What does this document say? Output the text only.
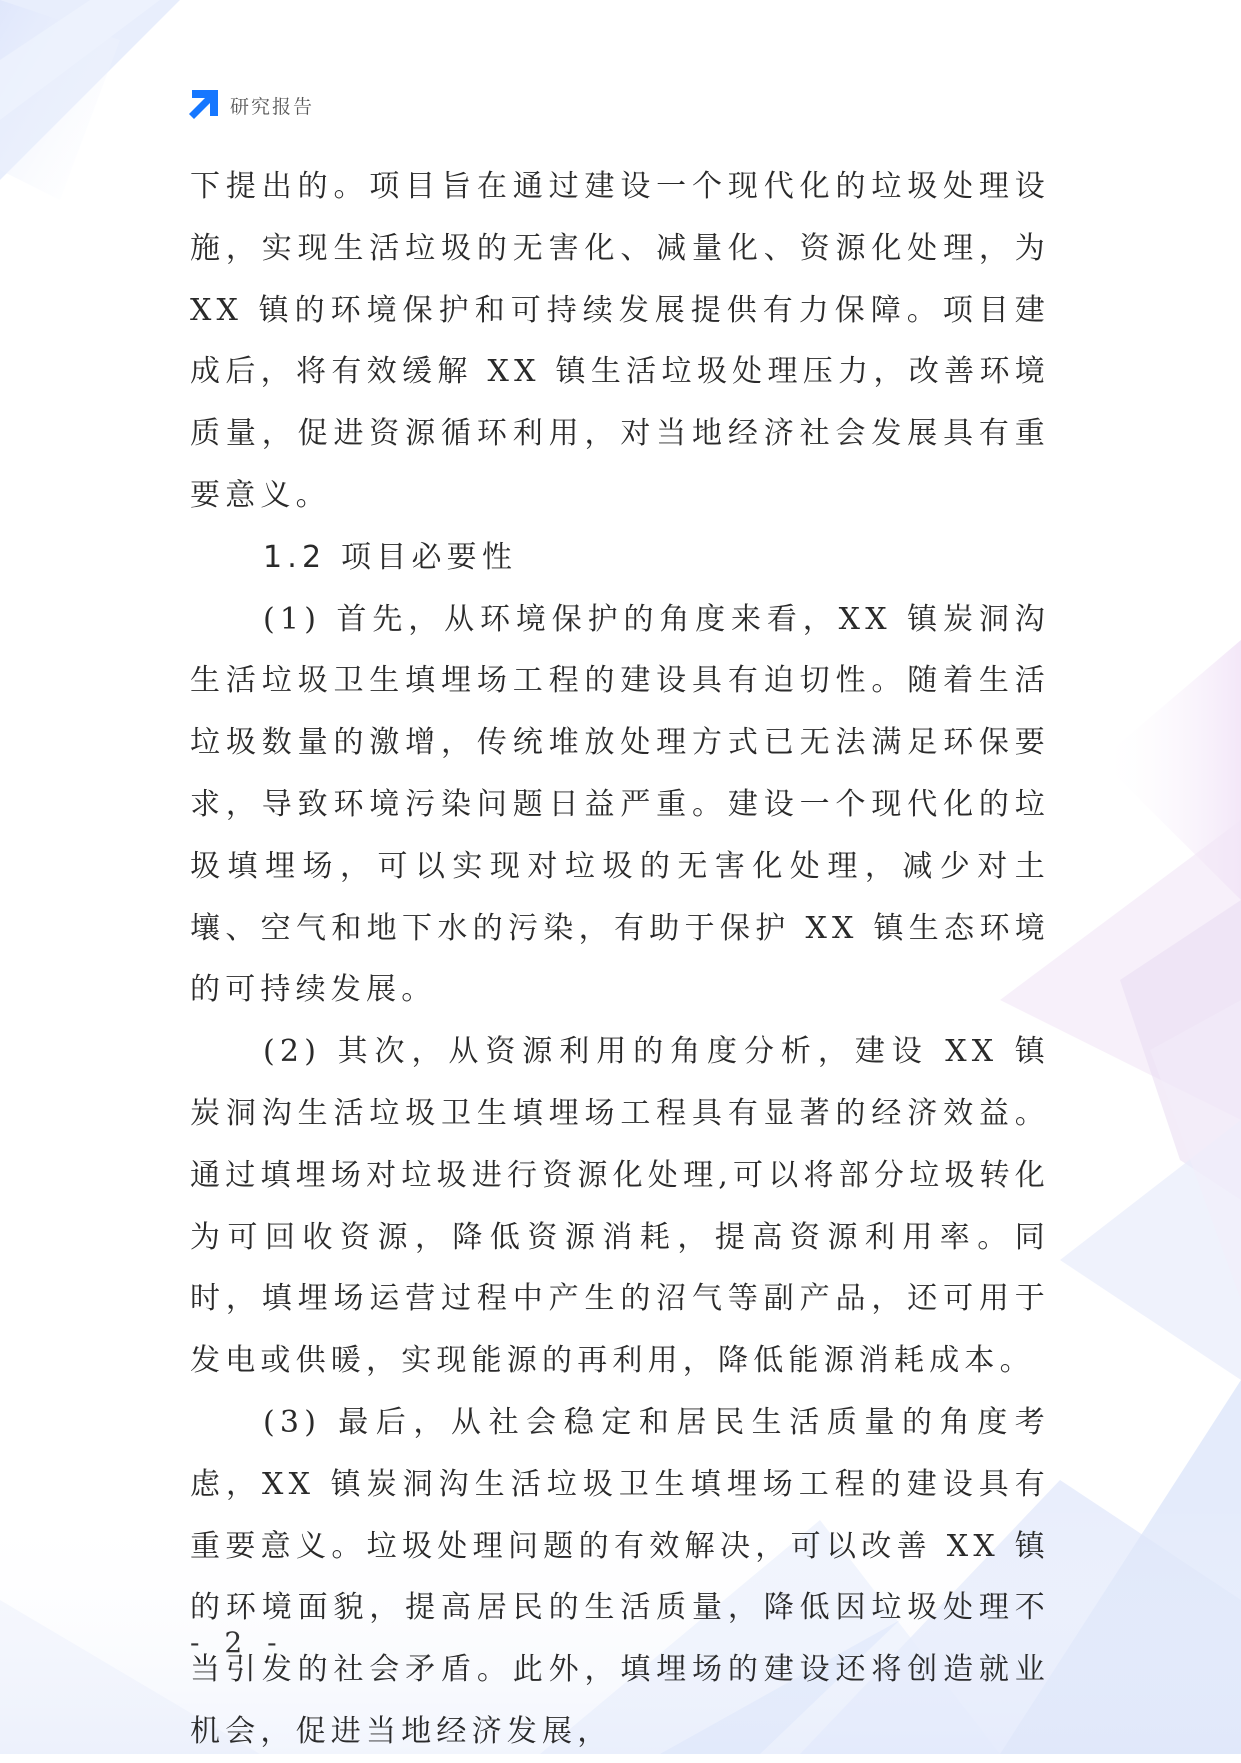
研究报告

下提出的。项目旨在通过建设一个现代化的垃圾处理设施，实现生活垃圾的无害化、减量化、资源化处理，为 XX 镇的环境保护和可持续发展提供有力保障。项目建成后，将有效缓解 XX 镇生活垃圾处理压力，改善环境质量，促进资源循环利用，对当地经济社会发展具有重要意义。

1.2 项目必要性

(1) 首先，从环境保护的角度来看，XX 镇炭洞沟生活垃圾卫生填埋场工程的建设具有迫切性。随着生活垃圾数量的激增，传统堆放处理方式已无法满足环保要求，导致环境污染问题日益严重。建设一个现代化的垃圾填埋场，可以实现对垃圾的无害化处理，减少对土壤、空气和地下水的污染，有助于保护 XX 镇生态环境的可持续发展。

(2) 其次，从资源利用的角度分析，建设 XX 镇炭洞沟生活垃圾卫生填埋场工程具有显著的经济效益。通过填埋场对垃圾进行资源化处理,可以将部分垃圾转化为可回收资源，降低资源消耗，提高资源利用率。同时，填埋场运营过程中产生的沼气等副产品，还可用于发电或供暖，实现能源的再利用，降低能源消耗成本。

(3) 最后，从社会稳定和居民生活质量的角度考虑，XX 镇炭洞沟生活垃圾卫生填埋场工程的建设具有重要意义。垃圾处理问题的有效解决，可以改善 XX 镇的环境面貌，提高居民的生活质量，降低因垃圾处理不当引发的社会矛盾。此外，填埋场的建设还将创造就业机会，促进当地经济发展，

- 2 -
